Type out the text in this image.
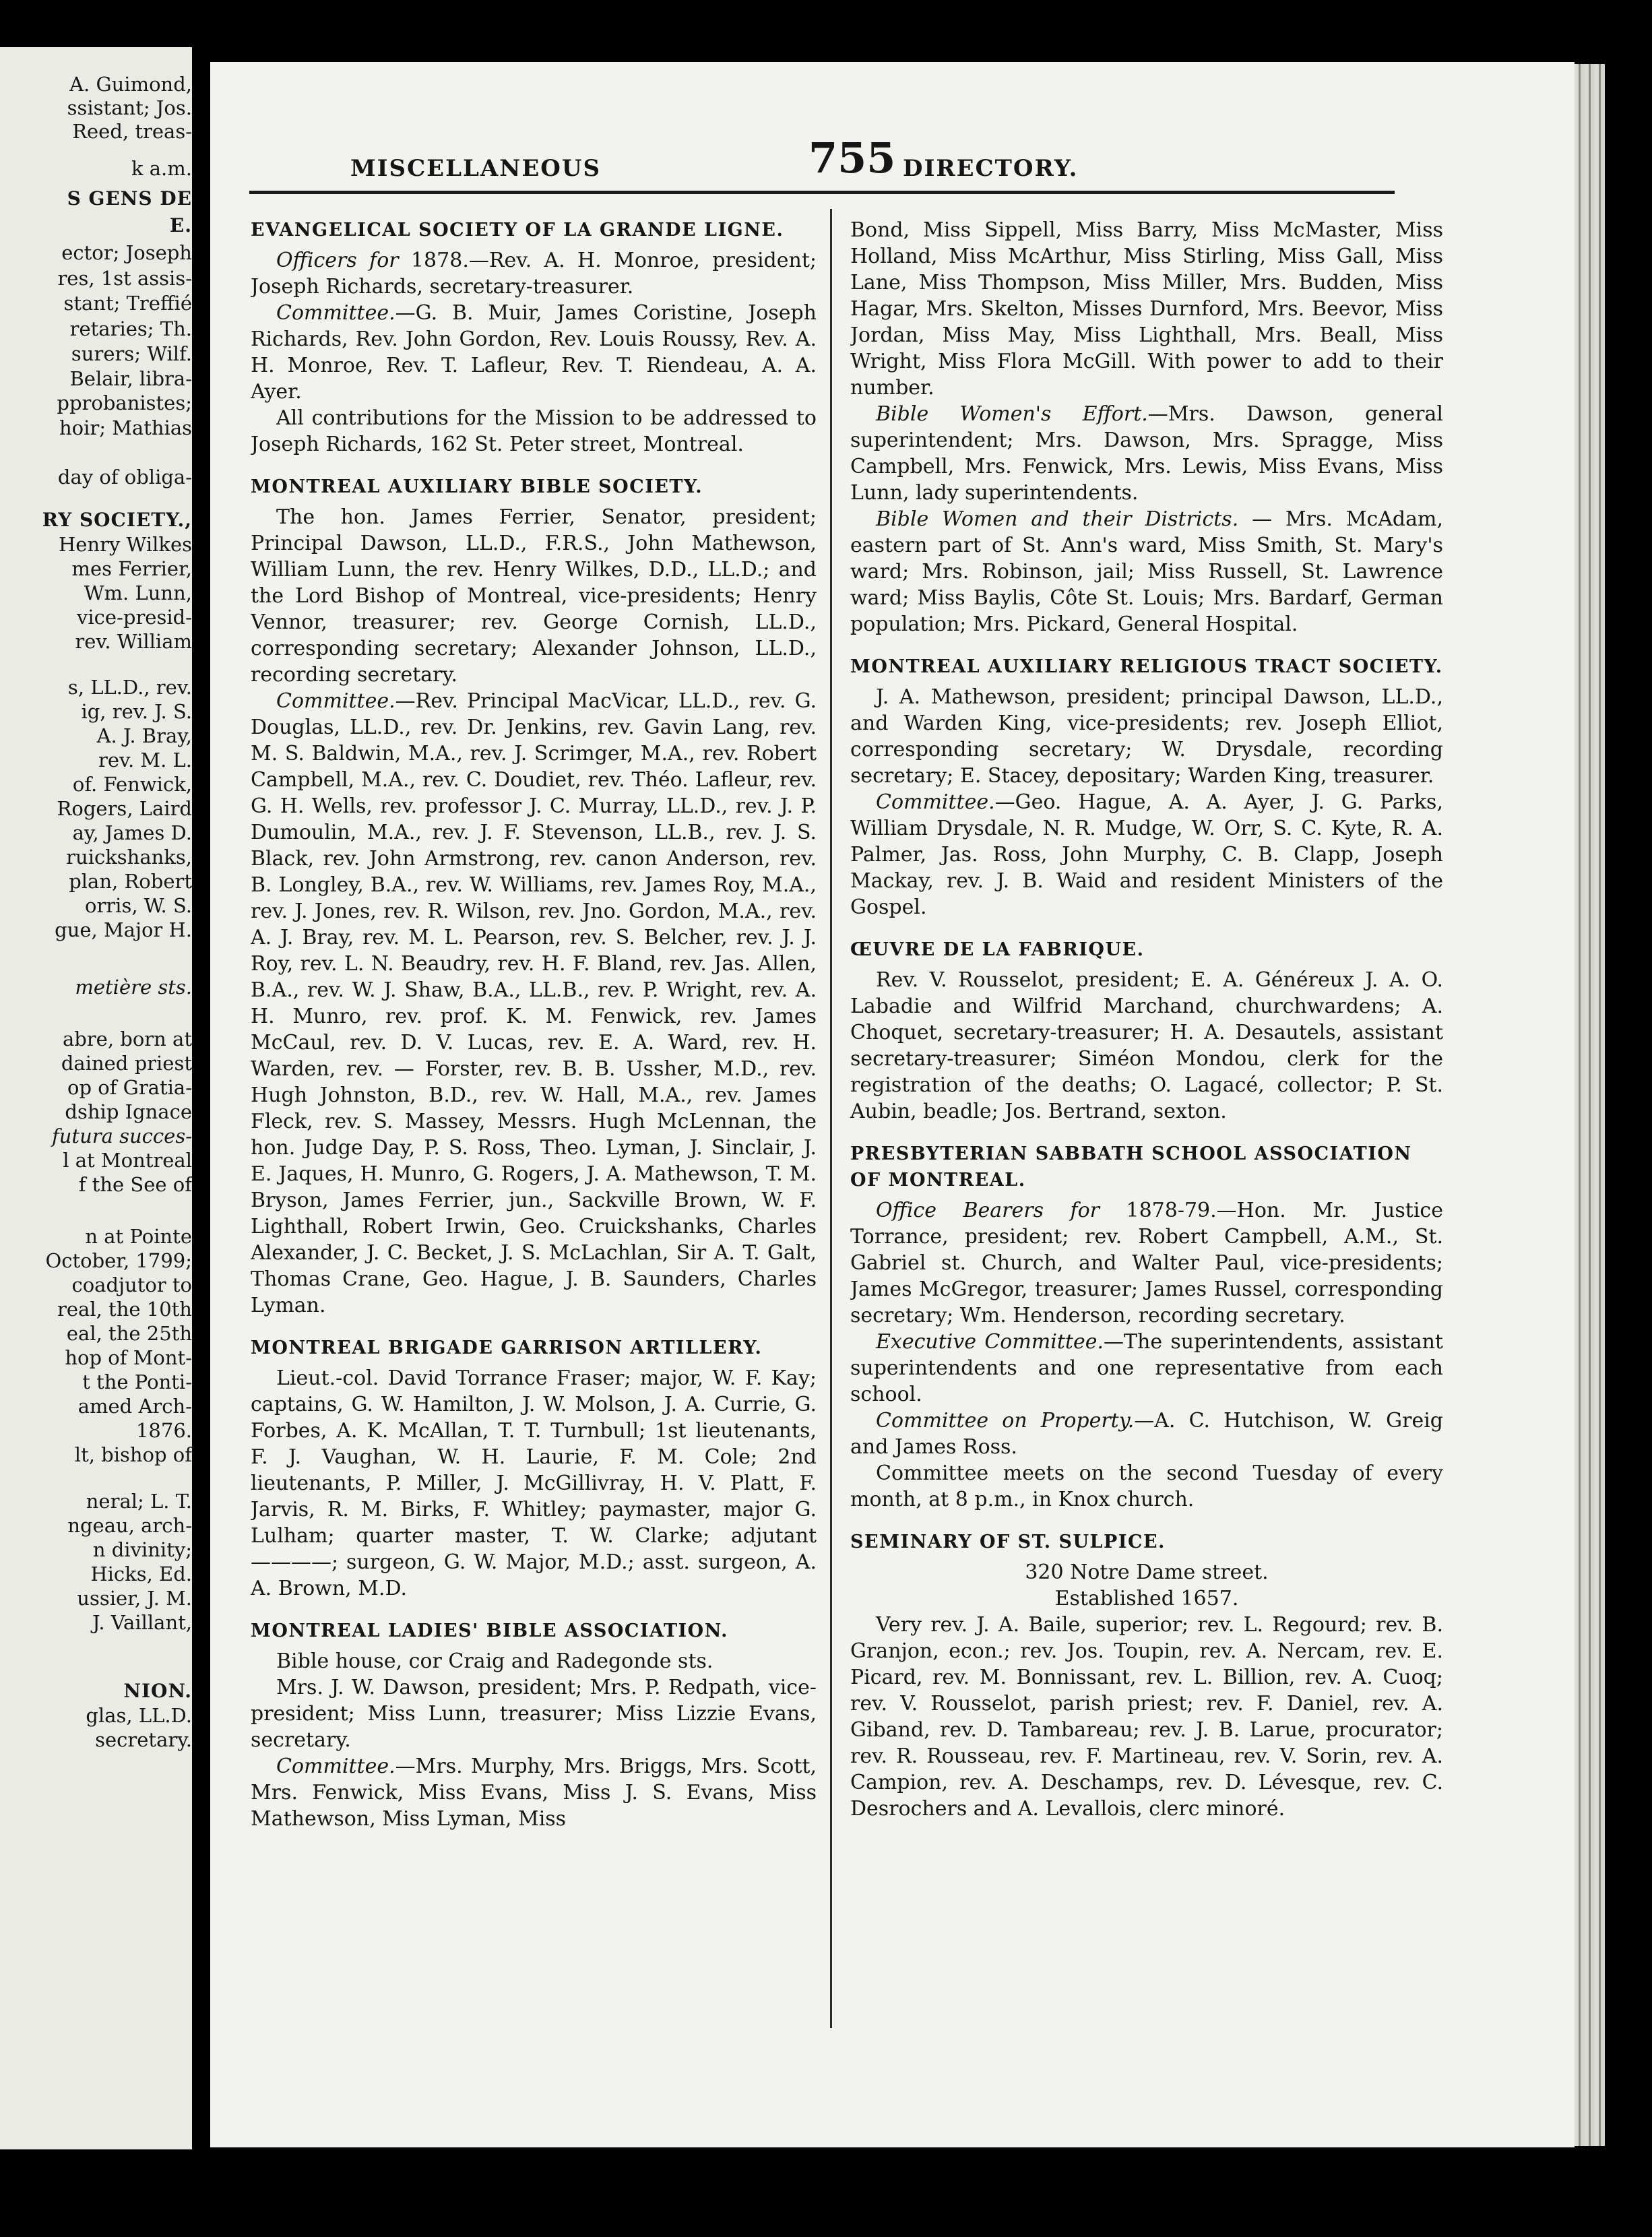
A. Guimond,
ssistant; Jos.
Reed, treas-
k a.m.
S GENS DE
E.
ector; Joseph
res, 1st assis-
stant; Treffié
retaries; Th.
surers; Wilf.
Belair, libra-
pprobanistes;
hoir; Mathias
day of obliga-
RY SOCIETY.,
Henry Wilkes
mes Ferrier,
Wm. Lunn,
vice-presid-
rev. William
s, LL.D., rev.
ig, rev. J. S.
A. J. Bray,
rev. M. L.
of. Fenwick,
Rogers, Laird
ay, James D.
ruickshanks,
plan, Robert
orris, W. S.
gue, Major H.
metière sts.
abre, born at
dained priest
op of Gratia-
dship Ignace
futura succes-
l at Montreal
f the See of
n at Pointe
October, 1799;
coadjutor to
real, the 10th
eal, the 25th
hop of Mont-
t the Ponti-
amed Arch-
1876.
lt, bishop of
neral; L. T.
ngeau, arch-
n divinity;
Hicks, Ed.
ussier, J. M.
J. Vaillant,
NION.
glas, LL.D.
secretary.
MISCELLANEOUS	755 DIRECTORY.
EVANGELICAL SOCIETY OF LA GRANDE LIGNE.

Officers for 1878.—Rev. A. H. Monroe, president; Joseph Richards, secretary-treasurer.

Committee.—G. B. Muir, James Coristine, Joseph Richards, Rev. John Gordon, Rev. Louis Roussy, Rev. A. H. Monroe, Rev. T. Lafleur, Rev. T. Riendeau, A. A. Ayer.

All contributions for the Mission to be addressed to Joseph Richards, 162 St. Peter street, Montreal.

MONTREAL AUXILIARY BIBLE SOCIETY.

The hon. James Ferrier, Senator, president; Principal Dawson, LL.D., F.R.S., John Mathewson, William Lunn, the rev. Henry Wilkes, D.D., LL.D.; and the Lord Bishop of Montreal, vice-presidents; Henry Vennor, treasurer; rev. George Cornish, LL.D., corresponding secretary; Alexander Johnson, LL.D., recording secretary.

Committee.—Rev. Principal MacVicar, LL.D., rev. G. Douglas, LL.D., rev. Dr. Jenkins, rev. Gavin Lang, rev. M. S. Baldwin, M.A., rev. J. Scrimger, M.A., rev. Robert Campbell, M.A., rev. C. Doudiet, rev. Théo. Lafleur, rev. G. H. Wells, rev. professor J. C. Murray, LL.D., rev. J. P. Dumoulin, M.A., rev. J. F. Stevenson, LL.B., rev. J. S. Black, rev. John Armstrong, rev. canon Anderson, rev. B. Longley, B.A., rev. W. Williams, rev. James Roy, M.A., rev. J. Jones, rev. R. Wilson, rev. Jno. Gordon, M.A., rev. A. J. Bray, rev. M. L. Pearson, rev. S. Belcher, rev. J. J. Roy, rev. L. N. Beaudry, rev. H. F. Bland, rev. Jas. Allen, B.A., rev. W. J. Shaw, B.A., LL.B., rev. P. Wright, rev. A. H. Munro, rev. prof. K. M. Fenwick, rev. James McCaul, rev. D. V. Lucas, rev. E. A. Ward, rev. H. Warden, rev. — Forster, rev. B. B. Ussher, M.D., rev. Hugh Johnston, B.D., rev. W. Hall, M.A., rev. James Fleck, rev. S. Massey, Messrs. Hugh McLennan, the hon. Judge Day, P. S. Ross, Theo. Lyman, J. Sinclair, J. E. Jaques, H. Munro, G. Rogers, J. A. Mathewson, T. M. Bryson, James Ferrier, jun., Sackville Brown, W. F. Lighthall, Robert Irwin, Geo. Cruickshanks, Charles Alexander, J. C. Becket, J. S. McLachlan, Sir A. T. Galt, Thomas Crane, Geo. Hague, J. B. Saunders, Charles Lyman.

MONTREAL BRIGADE GARRISON ARTILLERY.

Lieut.-col. David Torrance Fraser; major, W. F. Kay; captains, G. W. Hamilton, J. W. Molson, J. A. Currie, G. Forbes, A. K. McAllan, T. T. Turnbull; 1st lieutenants, F. J. Vaughan, W. H. Laurie, F. M. Cole; 2nd lieutenants, P. Miller, J. McGillivray, H. V. Platt, F. Jarvis, R. M. Birks, F. Whitley; paymaster, major G. Lulham; quarter master, T. W. Clarke; adjutant ————; surgeon, G. W. Major, M.D.; asst. surgeon, A. A. Brown, M.D.

MONTREAL LADIES' BIBLE ASSOCIATION.

Bible house, cor Craig and Radegonde sts.

Mrs. J. W. Dawson, president; Mrs. P. Redpath, vice-president; Miss Lunn, treasurer; Miss Lizzie Evans, secretary.

Committee.—Mrs. Murphy, Mrs. Briggs, Mrs. Scott, Mrs. Fenwick, Miss Evans, Miss J. S. Evans, Miss Mathewson, Miss Lyman, Miss

Bond, Miss Sippell, Miss Barry, Miss McMaster, Miss Holland, Miss McArthur, Miss Stirling, Miss Gall, Miss Lane, Miss Thompson, Miss Miller, Mrs. Budden, Miss Hagar, Mrs. Skelton, Misses Durnford, Mrs. Beevor, Miss Jordan, Miss May, Miss Lighthall, Mrs. Beall, Miss Wright, Miss Flora McGill. With power to add to their number.

Bible Women's Effort.—Mrs. Dawson, general superintendent; Mrs. Dawson, Mrs. Spragge, Miss Campbell, Mrs. Fenwick, Mrs. Lewis, Miss Evans, Miss Lunn, lady superintendents.

Bible Women and their Districts. — Mrs. McAdam, eastern part of St. Ann's ward, Miss Smith, St. Mary's ward; Mrs. Robinson, jail; Miss Russell, St. Lawrence ward; Miss Baylis, Côte St. Louis; Mrs. Bardarf, German population; Mrs. Pickard, General Hospital.

MONTREAL AUXILIARY RELIGIOUS TRACT SOCIETY.

J. A. Mathewson, president; principal Dawson, LL.D., and Warden King, vice-presidents; rev. Joseph Elliot, corresponding secretary; W. Drysdale, recording secretary; E. Stacey, depositary; Warden King, treasurer.

Committee.—Geo. Hague, A. A. Ayer, J. G. Parks, William Drysdale, N. R. Mudge, W. Orr, S. C. Kyte, R. A. Palmer, Jas. Ross, John Murphy, C. B. Clapp, Joseph Mackay, rev. J. B. Waid and resident Ministers of the Gospel.

ŒUVRE DE LA FABRIQUE.

Rev. V. Rousselot, president; E. A. Généreux J. A. O. Labadie and Wilfrid Marchand, churchwardens; A. Choquet, secretary-treasurer; H. A. Desautels, assistant secretary-treasurer; Siméon Mondou, clerk for the registration of the deaths; O. Lagacé, collector; P. St. Aubin, beadle; Jos. Bertrand, sexton.

PRESBYTERIAN SABBATH SCHOOL ASSOCIATION OF MONTREAL.

Office Bearers for 1878-79.—Hon. Mr. Justice Torrance, president; rev. Robert Campbell, A.M., St. Gabriel st. Church, and Walter Paul, vice-presidents; James McGregor, treasurer; James Russel, corresponding secretary; Wm. Henderson, recording secretary.

Executive Committee.—The superintendents, assistant superintendents and one representative from each school.

Committee on Property.—A. C. Hutchison, W. Greig and James Ross.

Committee meets on the second Tuesday of every month, at 8 p.m., in Knox church.

SEMINARY OF ST. SULPICE.

320 Notre Dame street.

Established 1657.

Very rev. J. A. Baile, superior; rev. L. Regourd; rev. B. Granjon, econ.; rev. Jos. Toupin, rev. A. Nercam, rev. E. Picard, rev. M. Bonnissant, rev. L. Billion, rev. A. Cuoq; rev. V. Rousselot, parish priest; rev. F. Daniel, rev. A. Giband, rev. D. Tambareau; rev. J. B. Larue, procurator; rev. R. Rousseau, rev. F. Martineau, rev. V. Sorin, rev. A. Campion, rev. A. Deschamps, rev. D. Lévesque, rev. C. Desrochers and A. Levallois, clerc minoré.
